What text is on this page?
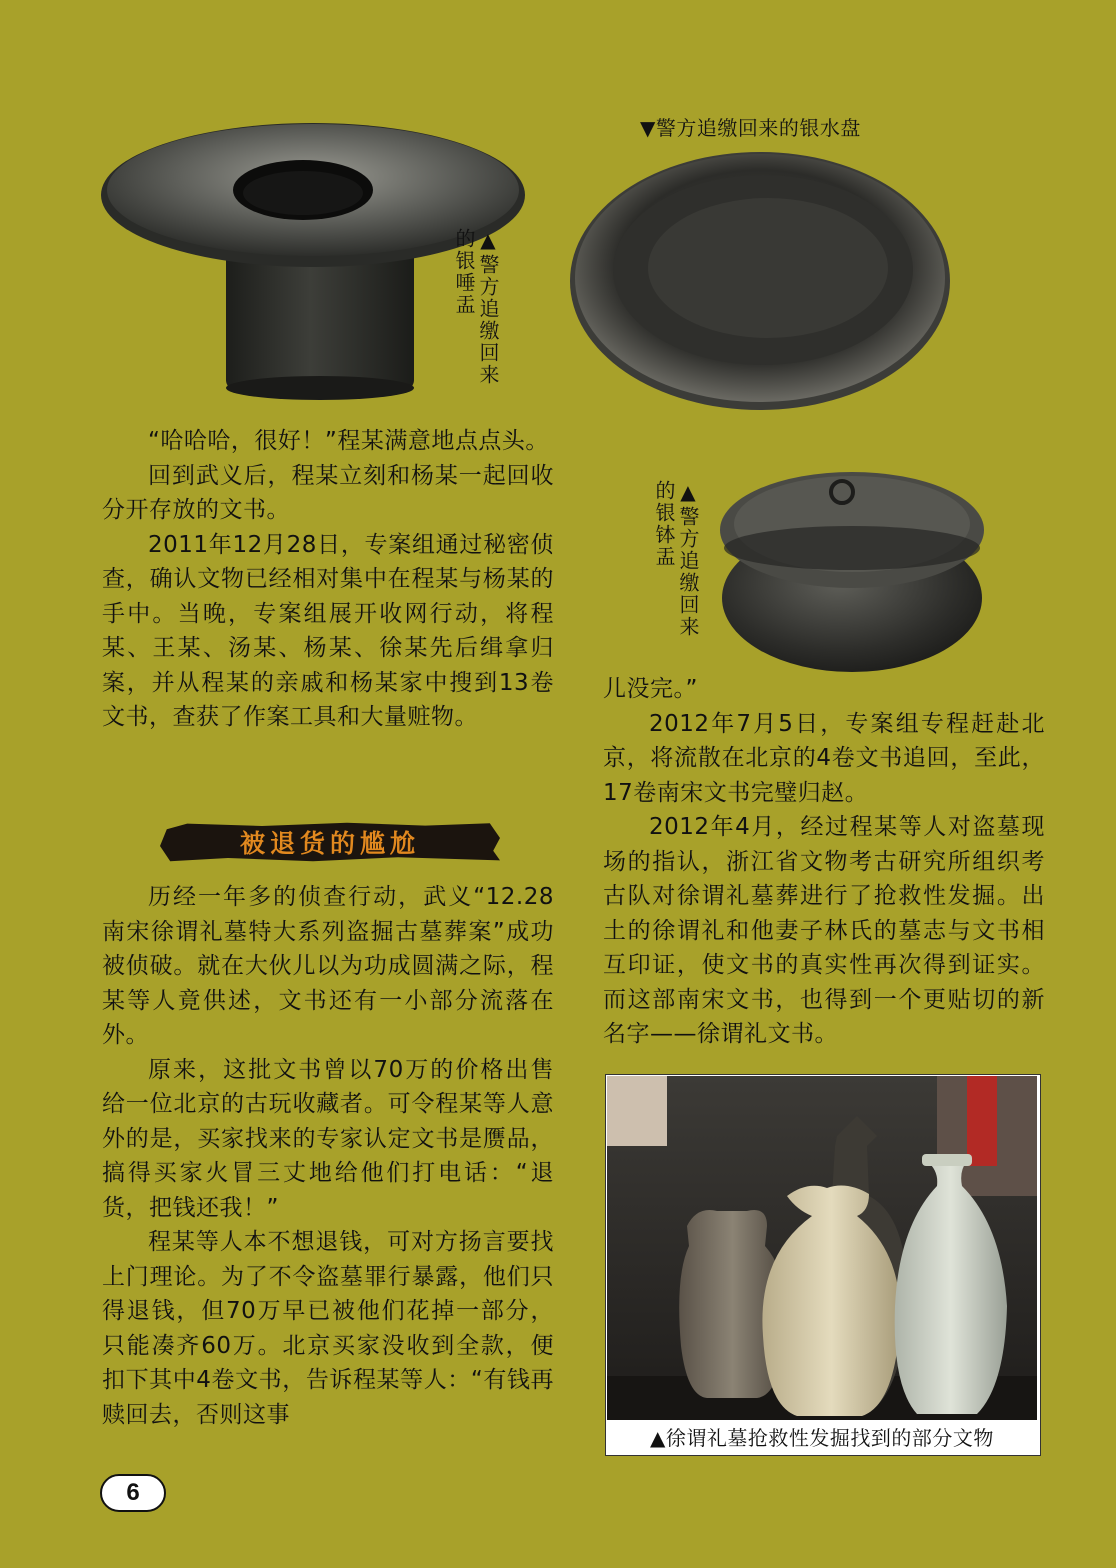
▲警方追缴回来的银唾盂
▼警方追缴回来的银水盘
▲警方追缴回来的银钵盂

“哈哈哈，很好！”程某满意地点点头。

回到武义后，程某立刻和杨某一起回收分开存放的文书。

2011年12月28日，专案组通过秘密侦查，确认文物已经相对集中在程某与杨某的手中。当晚，专案组展开收网行动，将程某、王某、汤某、杨某、徐某先后缉拿归案，并从程某的亲戚和杨某家中搜到13卷文书，查获了作案工具和大量赃物。

被退货的尴尬

历经一年多的侦查行动，武义“12.28南宋徐谓礼墓特大系列盗掘古墓葬案”成功被侦破。就在大伙儿以为功成圆满之际，程某等人竟供述，文书还有一小部分流落在外。

原来，这批文书曾以70万的价格出售给一位北京的古玩收藏者。可令程某等人意外的是，买家找来的专家认定文书是赝品，搞得买家火冒三丈地给他们打电话：“退货，把钱还我！”

程某等人本不想退钱，可对方扬言要找上门理论。为了不令盗墓罪行暴露，他们只得退钱，但70万早已被他们花掉一部分，只能凑齐60万。北京买家没收到全款，便扣下其中4卷文书，告诉程某等人：“有钱再赎回去，否则这事

儿没完。”

2012年7月5日，专案组专程赶赴北京，将流散在北京的4卷文书追回，至此，17卷南宋文书完璧归赵。

2012年4月，经过程某等人对盗墓现场的指认，浙江省文物考古研究所组织考古队对徐谓礼墓葬进行了抢救性发掘。出土的徐谓礼和他妻子林氏的墓志与文书相互印证，使文书的真实性再次得到证实。而这部南宋文书，也得到一个更贴切的新名字——徐谓礼文书。

▲徐谓礼墓抢救性发掘找到的部分文物
6
